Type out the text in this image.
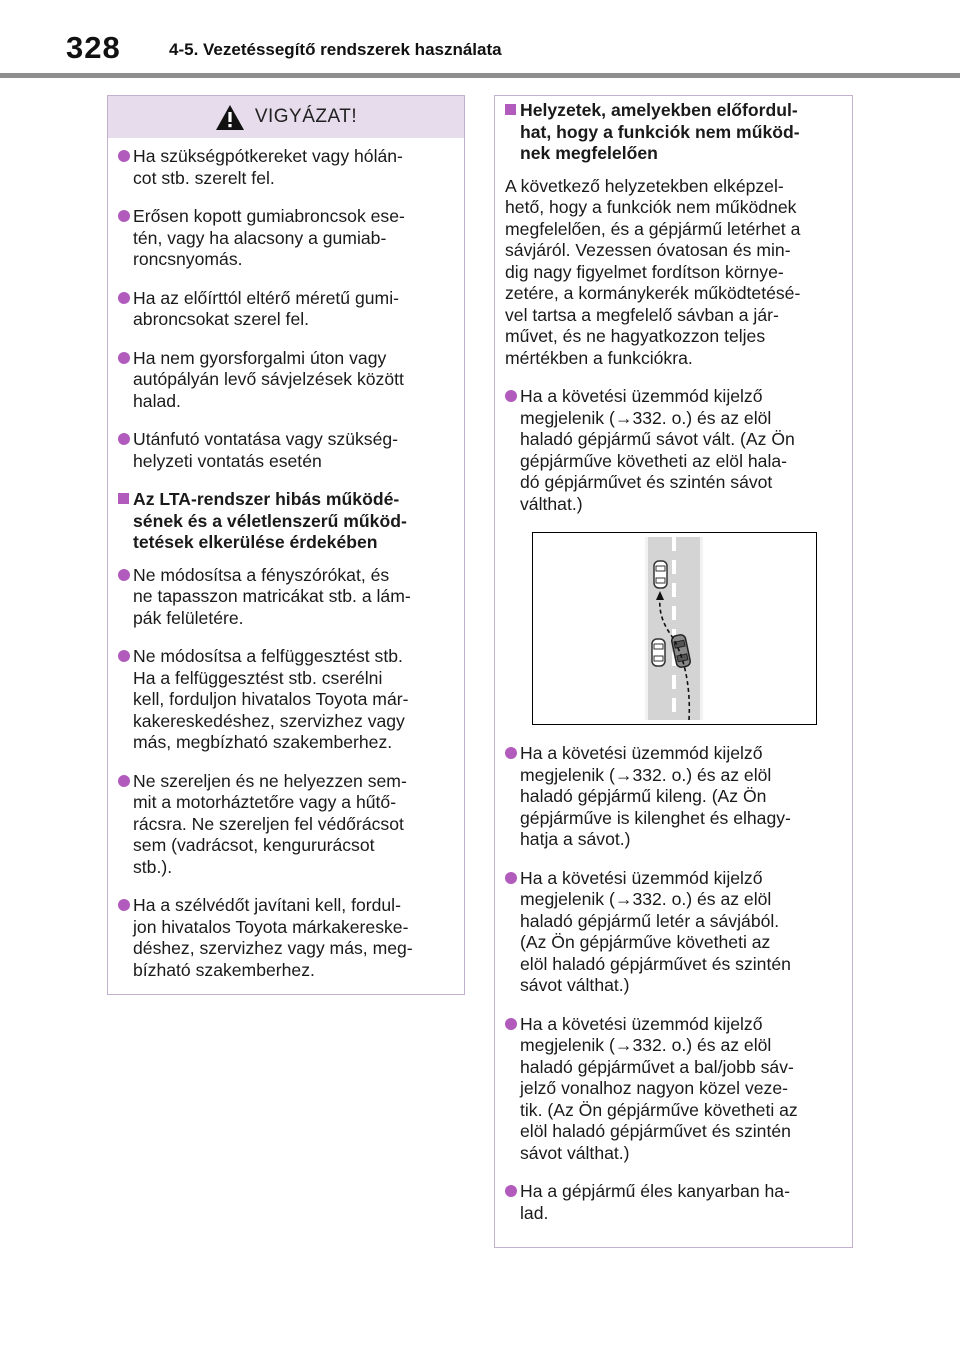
328	4-5. Vezetéssegítő rendszerek használata
VIGYÁZAT!
Ha szükségpótkereket vagy hólán-
cot stb. szerelt fel.
Erősen kopott gumiabroncsok ese-
tén, vagy ha alacsony a gumiab-
roncsnyomás.
Ha az előírttól eltérő méretű gumi-
abroncsokat szerel fel.
Ha nem gyorsforgalmi úton vagy
autópályán levő sávjelzések között
halad.
Utánfutó vontatása vagy szükség-
helyzeti vontatás esetén
Az LTA-rendszer hibás működé-
sének és a véletlenszerű működ-
tetések elkerülése érdekében
Ne módosítsa a fényszórókat, és
ne tapasszon matricákat stb. a lám-
pák felületére.
Ne módosítsa a felfüggesztést stb.
Ha a felfüggesztést stb. cserélni
kell, forduljon hivatalos Toyota már-
kakereskedéshez, szervizhez vagy
más, megbízható szakemberhez.
Ne szereljen és ne helyezzen sem-
mit a motorháztetőre vagy a hűtő-
rácsra. Ne szereljen fel védőrácsot
sem (vadrácsot, kengururácsot
stb.).
Ha a szélvédőt javítani kell, fordul-
jon hivatalos Toyota márkakereske-
déshez, szervizhez vagy más, meg-
bízható szakemberhez.
Helyzetek, amelyekben előfordul-
hat, hogy a funkciók nem működ-
nek megfelelően
A következő helyzetekben elképzel-
hető, hogy a funkciók nem működnek
megfelelően, és a gépjármű letérhet a
sávjáról. Vezessen óvatosan és min-
dig nagy figyelmet fordítson környe-
zetére, a kormánykerék működtetésé-
vel tartsa a megfelelő sávban a jár-
művet, és ne hagyatkozzon teljes
mértékben a funkciókra.
Ha a követési üzemmód kijelző
megjelenik (→332. o.) és az elöl
haladó gépjármű sávot vált. (Az Ön
gépjárműve követheti az elöl hala-
dó gépjárművet és szintén sávot
válthat.)
Ha a követési üzemmód kijelző
megjelenik (→332. o.) és az elöl
haladó gépjármű kileng. (Az Ön
gépjárműve is kilenghet és elhagy-
hatja a sávot.)
Ha a követési üzemmód kijelző
megjelenik (→332. o.) és az elöl
haladó gépjármű letér a sávjából.
(Az Ön gépjárműve követheti az
elöl haladó gépjárművet és szintén
sávot válthat.)
Ha a követési üzemmód kijelző
megjelenik (→332. o.) és az elöl
haladó gépjárművet a bal/jobb sáv-
jelző vonalhoz nagyon közel veze-
tik. (Az Ön gépjárműve követheti az
elöl haladó gépjárművet és szintén
sávot válthat.)
Ha a gépjármű éles kanyarban ha-
lad.
